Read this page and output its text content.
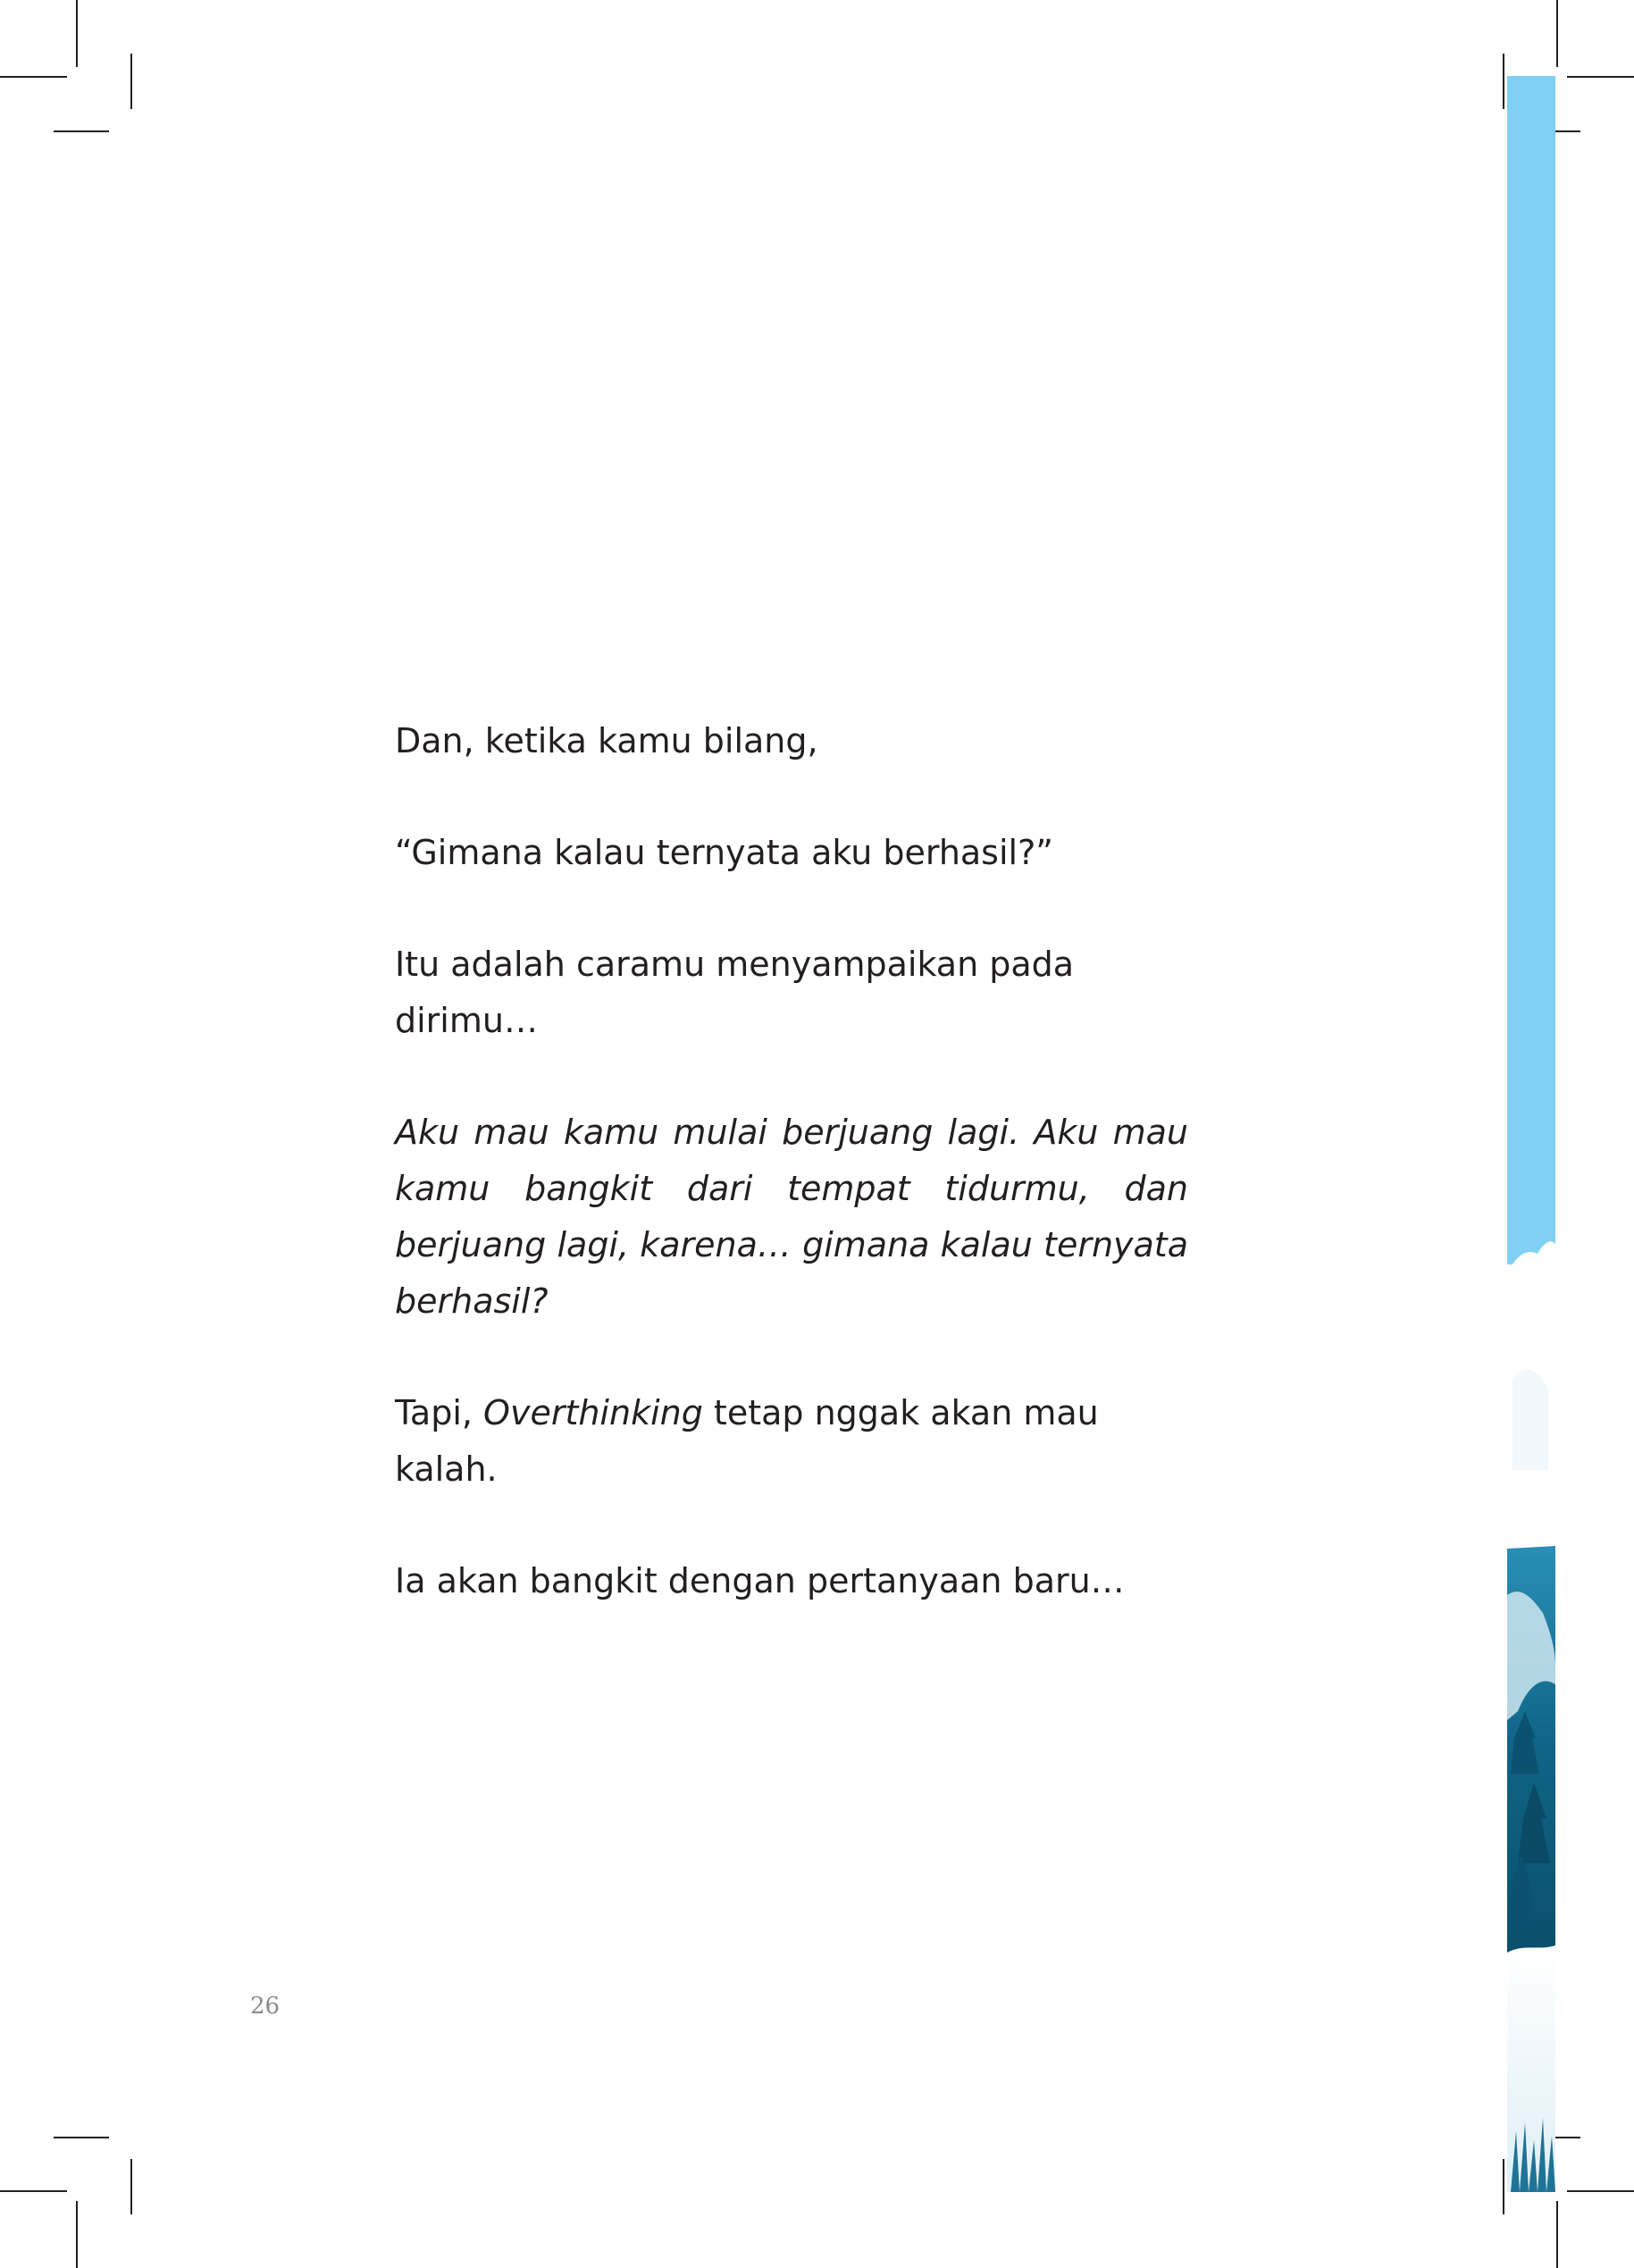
Dan, ketika kamu bilang,

“Gimana kalau ternyata aku berhasil?”

Itu adalah caramu menyampaikan pada dirimu…

Aku mau kamu mulai berjuang lagi. Aku mau kamu bangkit dari tempat tidurmu, dan berjuang lagi, karena… gimana kalau ternyata berhasil?

Tapi, Overthinking tetap nggak akan mau kalah.

Ia akan bangkit dengan pertanyaan baru…

26
